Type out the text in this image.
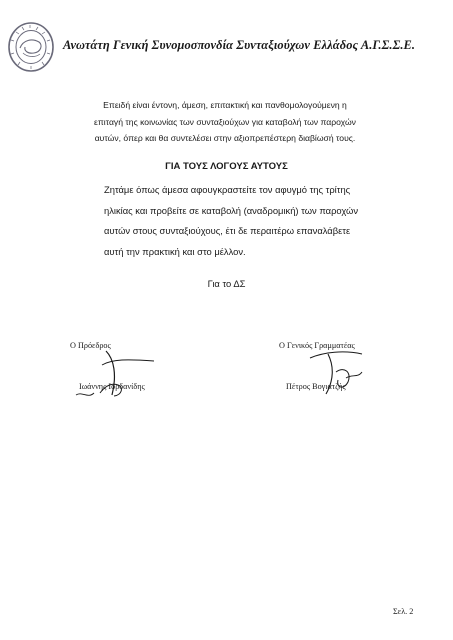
Ανωτάτη Γενική Συνομοσπονδία Συνταξιούχων Ελλάδος Α.Γ.Σ.Σ.Ε.
Επειδή είναι έντονη, άμεση, επιτακτική και πανθομολογούμενη η
επιταγή της κοινωνίας των συνταξιούχων για καταβολή των παροχών
αυτών, όπερ και θα συντελέσει στην αξιοπρεπέστερη διαβίωσή τους.
ΓΙΑ ΤΟΥΣ ΛΟΓΟΥΣ ΑΥΤΟΥΣ
Ζητάμε όπως άμεσα αφουγκραστείτε τον αφυγμό της τρίτης
ηλικίας και προβείτε σε καταβολή (αναδρομική) των παροχών
αυτών στους συνταξιούχους, έτι δε περαιτέρω επαναλάβετε
αυτή την πρακτική και στο μέλλον.
Για το ΔΣ
Ο Πρόεδρος
Ιωάννης Ιορδανίδης
Ο Γενικός Γραμματέας
Πέτρος Βογιατζής
Σελ. 2
